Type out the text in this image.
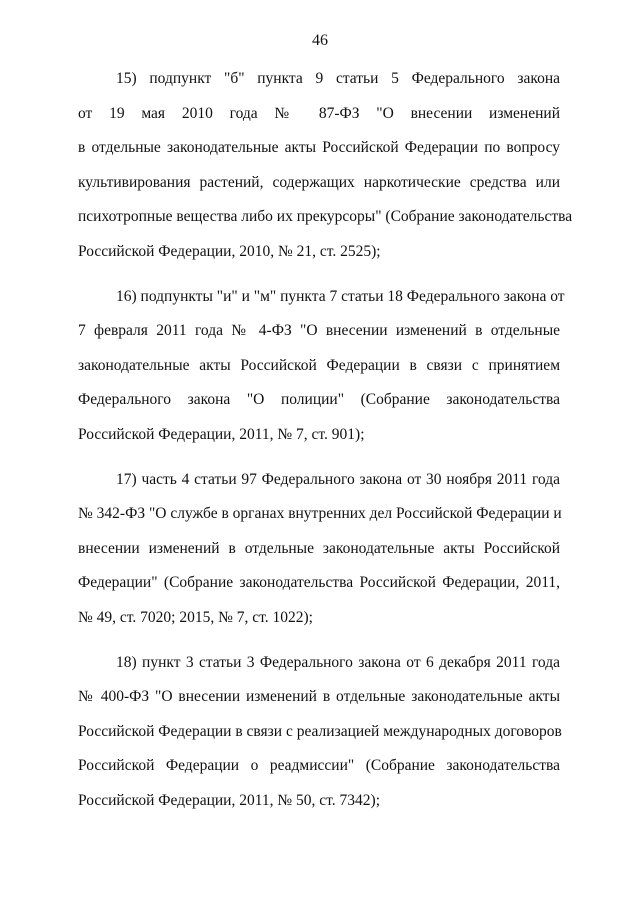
46

15) подпункт "б" пункта 9 статьи 5 Федерального закона
от 19 мая 2010 года № 87-ФЗ "О внесении изменений
в отдельные законодательные акты Российской Федерации по вопросу
культивирования растений, содержащих наркотические средства или
психотропные вещества либо их прекурсоры" (Собрание законодательства
Российской Федерации, 2010, № 21, ст. 2525);

16) подпункты "и" и "м" пункта 7 статьи 18 Федерального закона от
7 февраля 2011 года № 4-ФЗ "О внесении изменений в отдельные
законодательные акты Российской Федерации в связи с принятием
Федерального закона "О полиции" (Собрание законодательства
Российской Федерации, 2011, № 7, ст. 901);

17) часть 4 статьи 97 Федерального закона от 30 ноября 2011 года
№ 342-ФЗ "О службе в органах внутренних дел Российской Федерации и
внесении изменений в отдельные законодательные акты Российской
Федерации" (Собрание законодательства Российской Федерации, 2011,
№ 49, ст. 7020; 2015, № 7, ст. 1022);

18) пункт 3 статьи 3 Федерального закона от 6 декабря 2011 года
№ 400-ФЗ "О внесении изменений в отдельные законодательные акты
Российской Федерации в связи с реализацией международных договоров
Российской Федерации о реадмиссии" (Собрание законодательства
Российской Федерации, 2011, № 50, ст. 7342);
